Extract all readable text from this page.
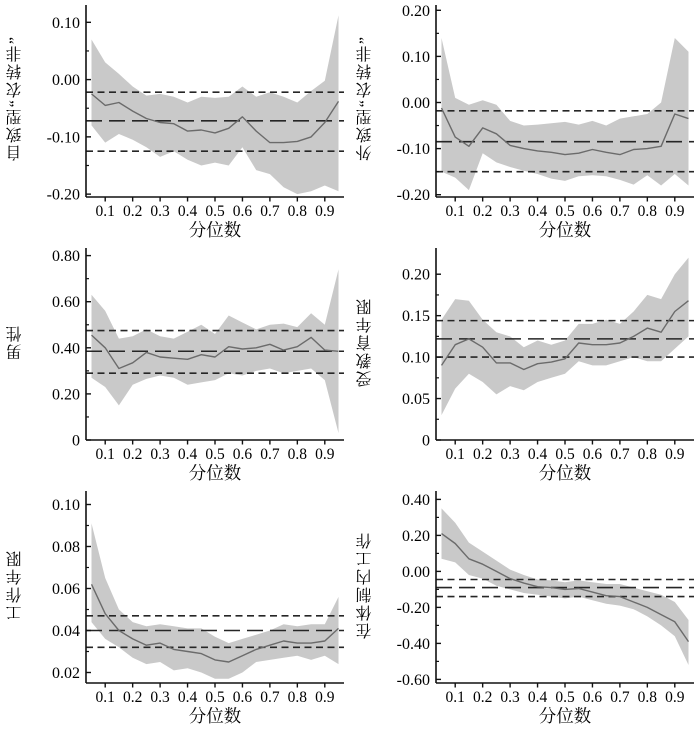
自致型“农转非”
0.10
0.00
-0.10
-0.20
0.1 0.2 0.3 0.4 0.5 0.6 0.7 0.8 0.9
分位数
外致型“农转非”
0.20
0.10
0.00
-0.10
-0.20
0.1 0.2 0.3 0.4 0.5 0.6 0.7 0.8 0.9
分位数
男性
0.80
0.60
0.40
0.20
0
0.1 0.2 0.3 0.4 0.5 0.6 0.7 0.8 0.9
分位数
受教育年限
0.20
0.15
0.10
0.05
0
0.1 0.2 0.3 0.4 0.5 0.6 0.7 0.8 0.9
分位数
工作年限
0.10
0.08
0.06
0.04
0.02
0.1 0.2 0.3 0.4 0.5 0.6 0.7 0.8 0.9
分位数
在体制内工作
0.40
0.20
0.00
-0.20
-0.40
-0.60
0.1 0.2 0.3 0.4 0.5 0.6 0.7 0.8 0.9
分位数
